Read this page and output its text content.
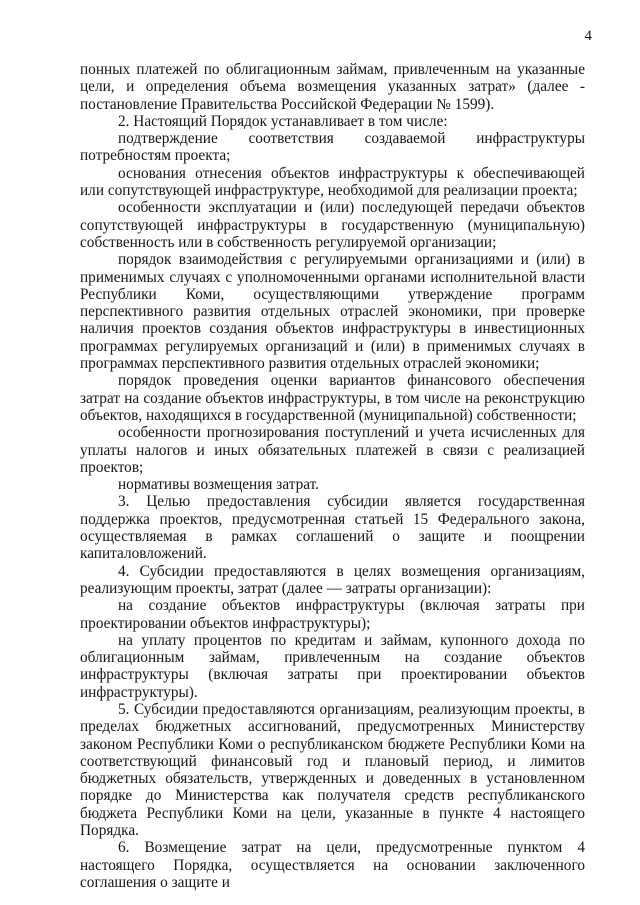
4

понных платежей по облигационным займам, привлеченным на указанные цели, и определения объема возмещения указанных затрат» (далее - постановление Правительства Российской Федерации № 1599).

2. Настоящий Порядок устанавливает в том числе:

подтверждение соответствия создаваемой инфраструктуры потребностям проекта;

основания отнесения объектов инфраструктуры к обеспечивающей или сопутствующей инфраструктуре, необходимой для реализации проекта;

особенности эксплуатации и (или) последующей передачи объектов сопутствующей инфраструктуры в государственную (муниципальную) собственность или в собственность регулируемой организации;

порядок взаимодействия с регулируемыми организациями и (или) в применимых случаях с уполномоченными органами исполнительной власти Республики Коми, осуществляющими утверждение программ перспективного развития отдельных отраслей экономики, при проверке наличия проектов создания объектов инфраструктуры в инвестиционных программах регулируемых организаций и (или) в применимых случаях в программах перспективного развития отдельных отраслей экономики;

порядок проведения оценки вариантов финансового обеспечения затрат на создание объектов инфраструктуры, в том числе на реконструкцию объектов, находящихся в государственной (муниципальной) собственности;

особенности прогнозирования поступлений и учета исчисленных для уплаты налогов и иных обязательных платежей в связи с реализацией проектов;

нормативы возмещения затрат.

3. Целью предоставления субсидии является государственная поддержка проектов, предусмотренная статьей 15 Федерального закона, осуществляемая в рамках соглашений о защите и поощрении капиталовложений.

4. Субсидии предоставляются в целях возмещения организациям, реализующим проекты, затрат (далее — затраты организации):

на создание объектов инфраструктуры (включая затраты при проектировании объектов инфраструктуры);

на уплату процентов по кредитам и займам, купонного дохода по облигационным займам, привлеченным на создание объектов инфраструктуры (включая затраты при проектировании объектов инфраструктуры).

5. Субсидии предоставляются организациям, реализующим проекты, в пределах бюджетных ассигнований, предусмотренных Министерству законом Республики Коми о республиканском бюджете Республики Коми на соответствующий финансовый год и плановый период, и лимитов бюджетных обязательств, утвержденных и доведенных в установленном порядке до Министерства как получателя средств республиканского бюджета Республики Коми на цели, указанные в пункте 4 настоящего Порядка.

6. Возмещение затрат на цели, предусмотренные пунктом 4 настоящего Порядка, осуществляется на основании заключенного соглашения о защите и
